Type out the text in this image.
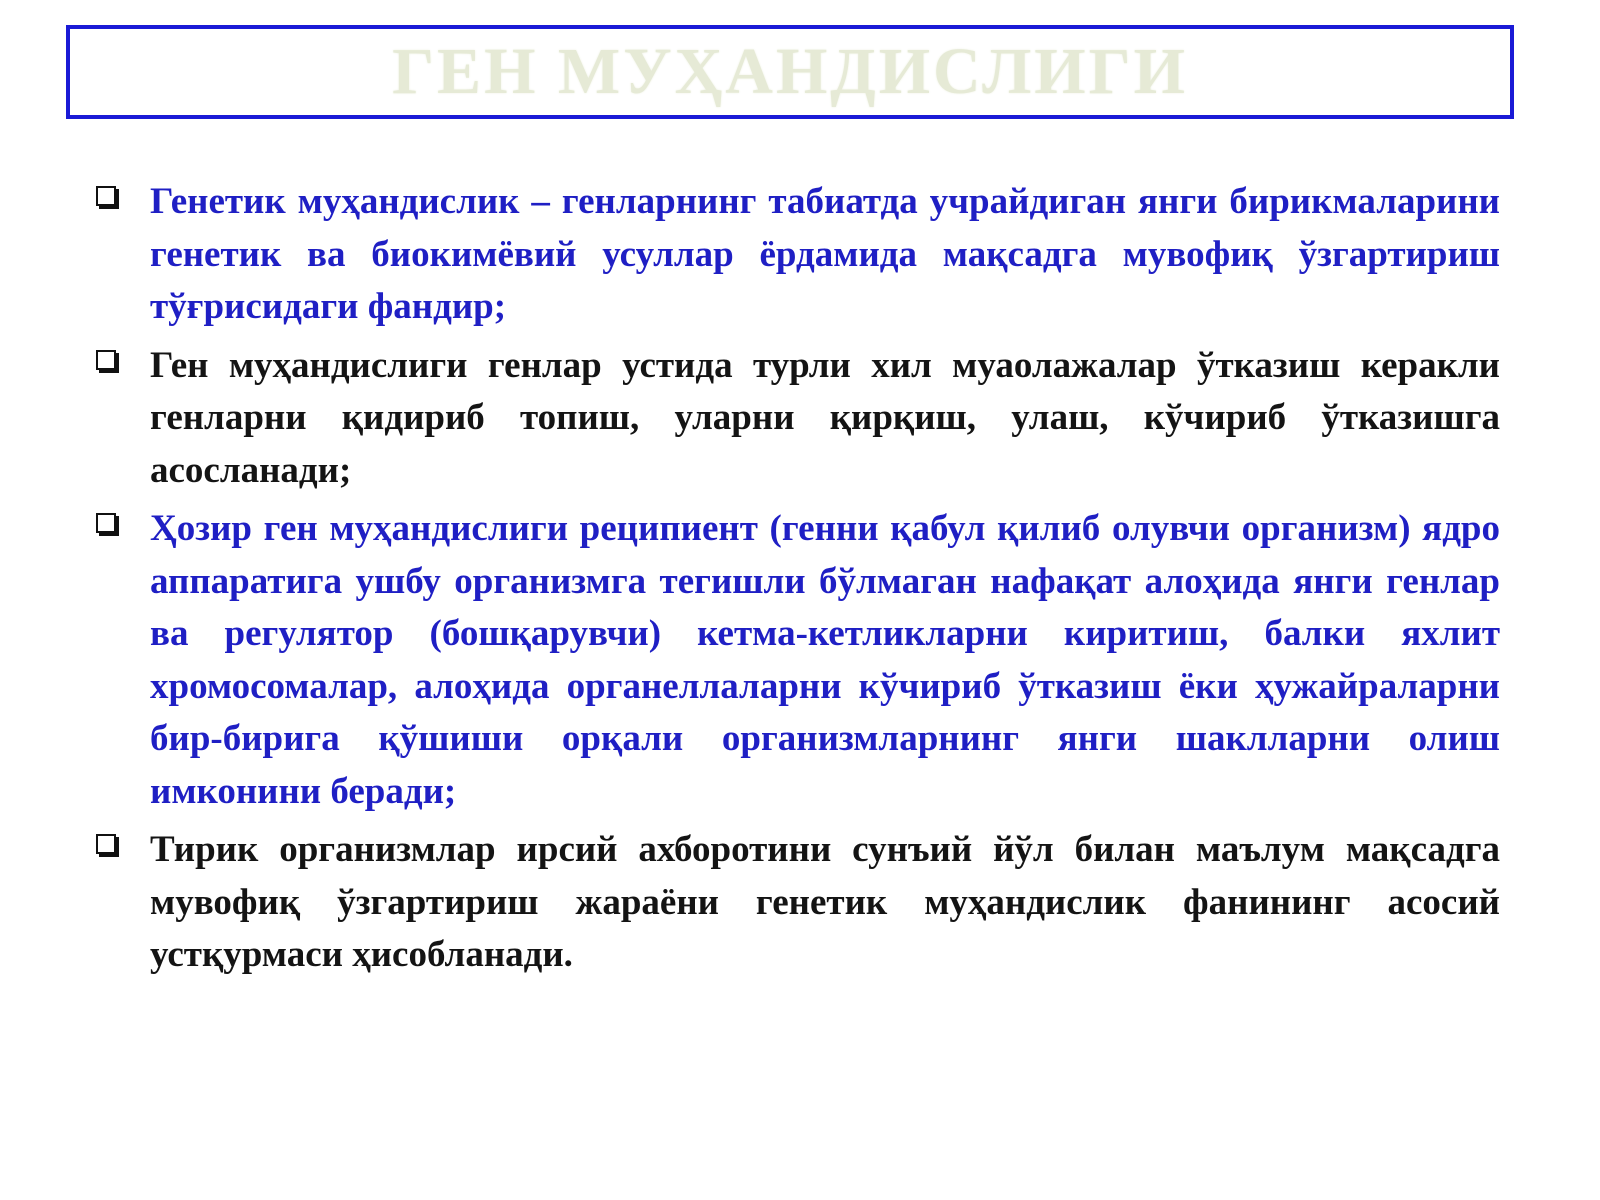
ГЕН МУҲАНДИСЛИГИ

Генетик муҳандислик – генларнинг табиатда учрайдиган янги бирикмаларини генетик ва биокимёвий усуллар ёрдамида мақсадга мувофиқ ўзгартириш тўғрисидаги фандир;

Ген муҳандислиги генлар устида турли хил муаолажалар ўтказиш керакли генларни қидириб топиш, уларни қирқиш, улаш, кўчириб ўтказишга асосланади;

Ҳозир ген муҳандислиги реципиент (генни қабул қилиб олувчи организм) ядро аппаратига ушбу организмга тегишли бўлмаган нафақат алоҳида янги генлар ва регулятор (бошқарувчи) кетма-кетликларни киритиш, балки яхлит хромосомалар, алоҳида органеллаларни кўчириб ўтказиш ёки ҳужайраларни бир-бирига қўшиши орқали организмларнинг янги шаклларни олиш имконини беради;

Тирик организмлар ирсий ахборотини сунъий йўл билан маълум мақсадга мувофиқ ўзгартириш жараёни генетик муҳандислик фанининг асосий устқурмаси ҳисобланади.
